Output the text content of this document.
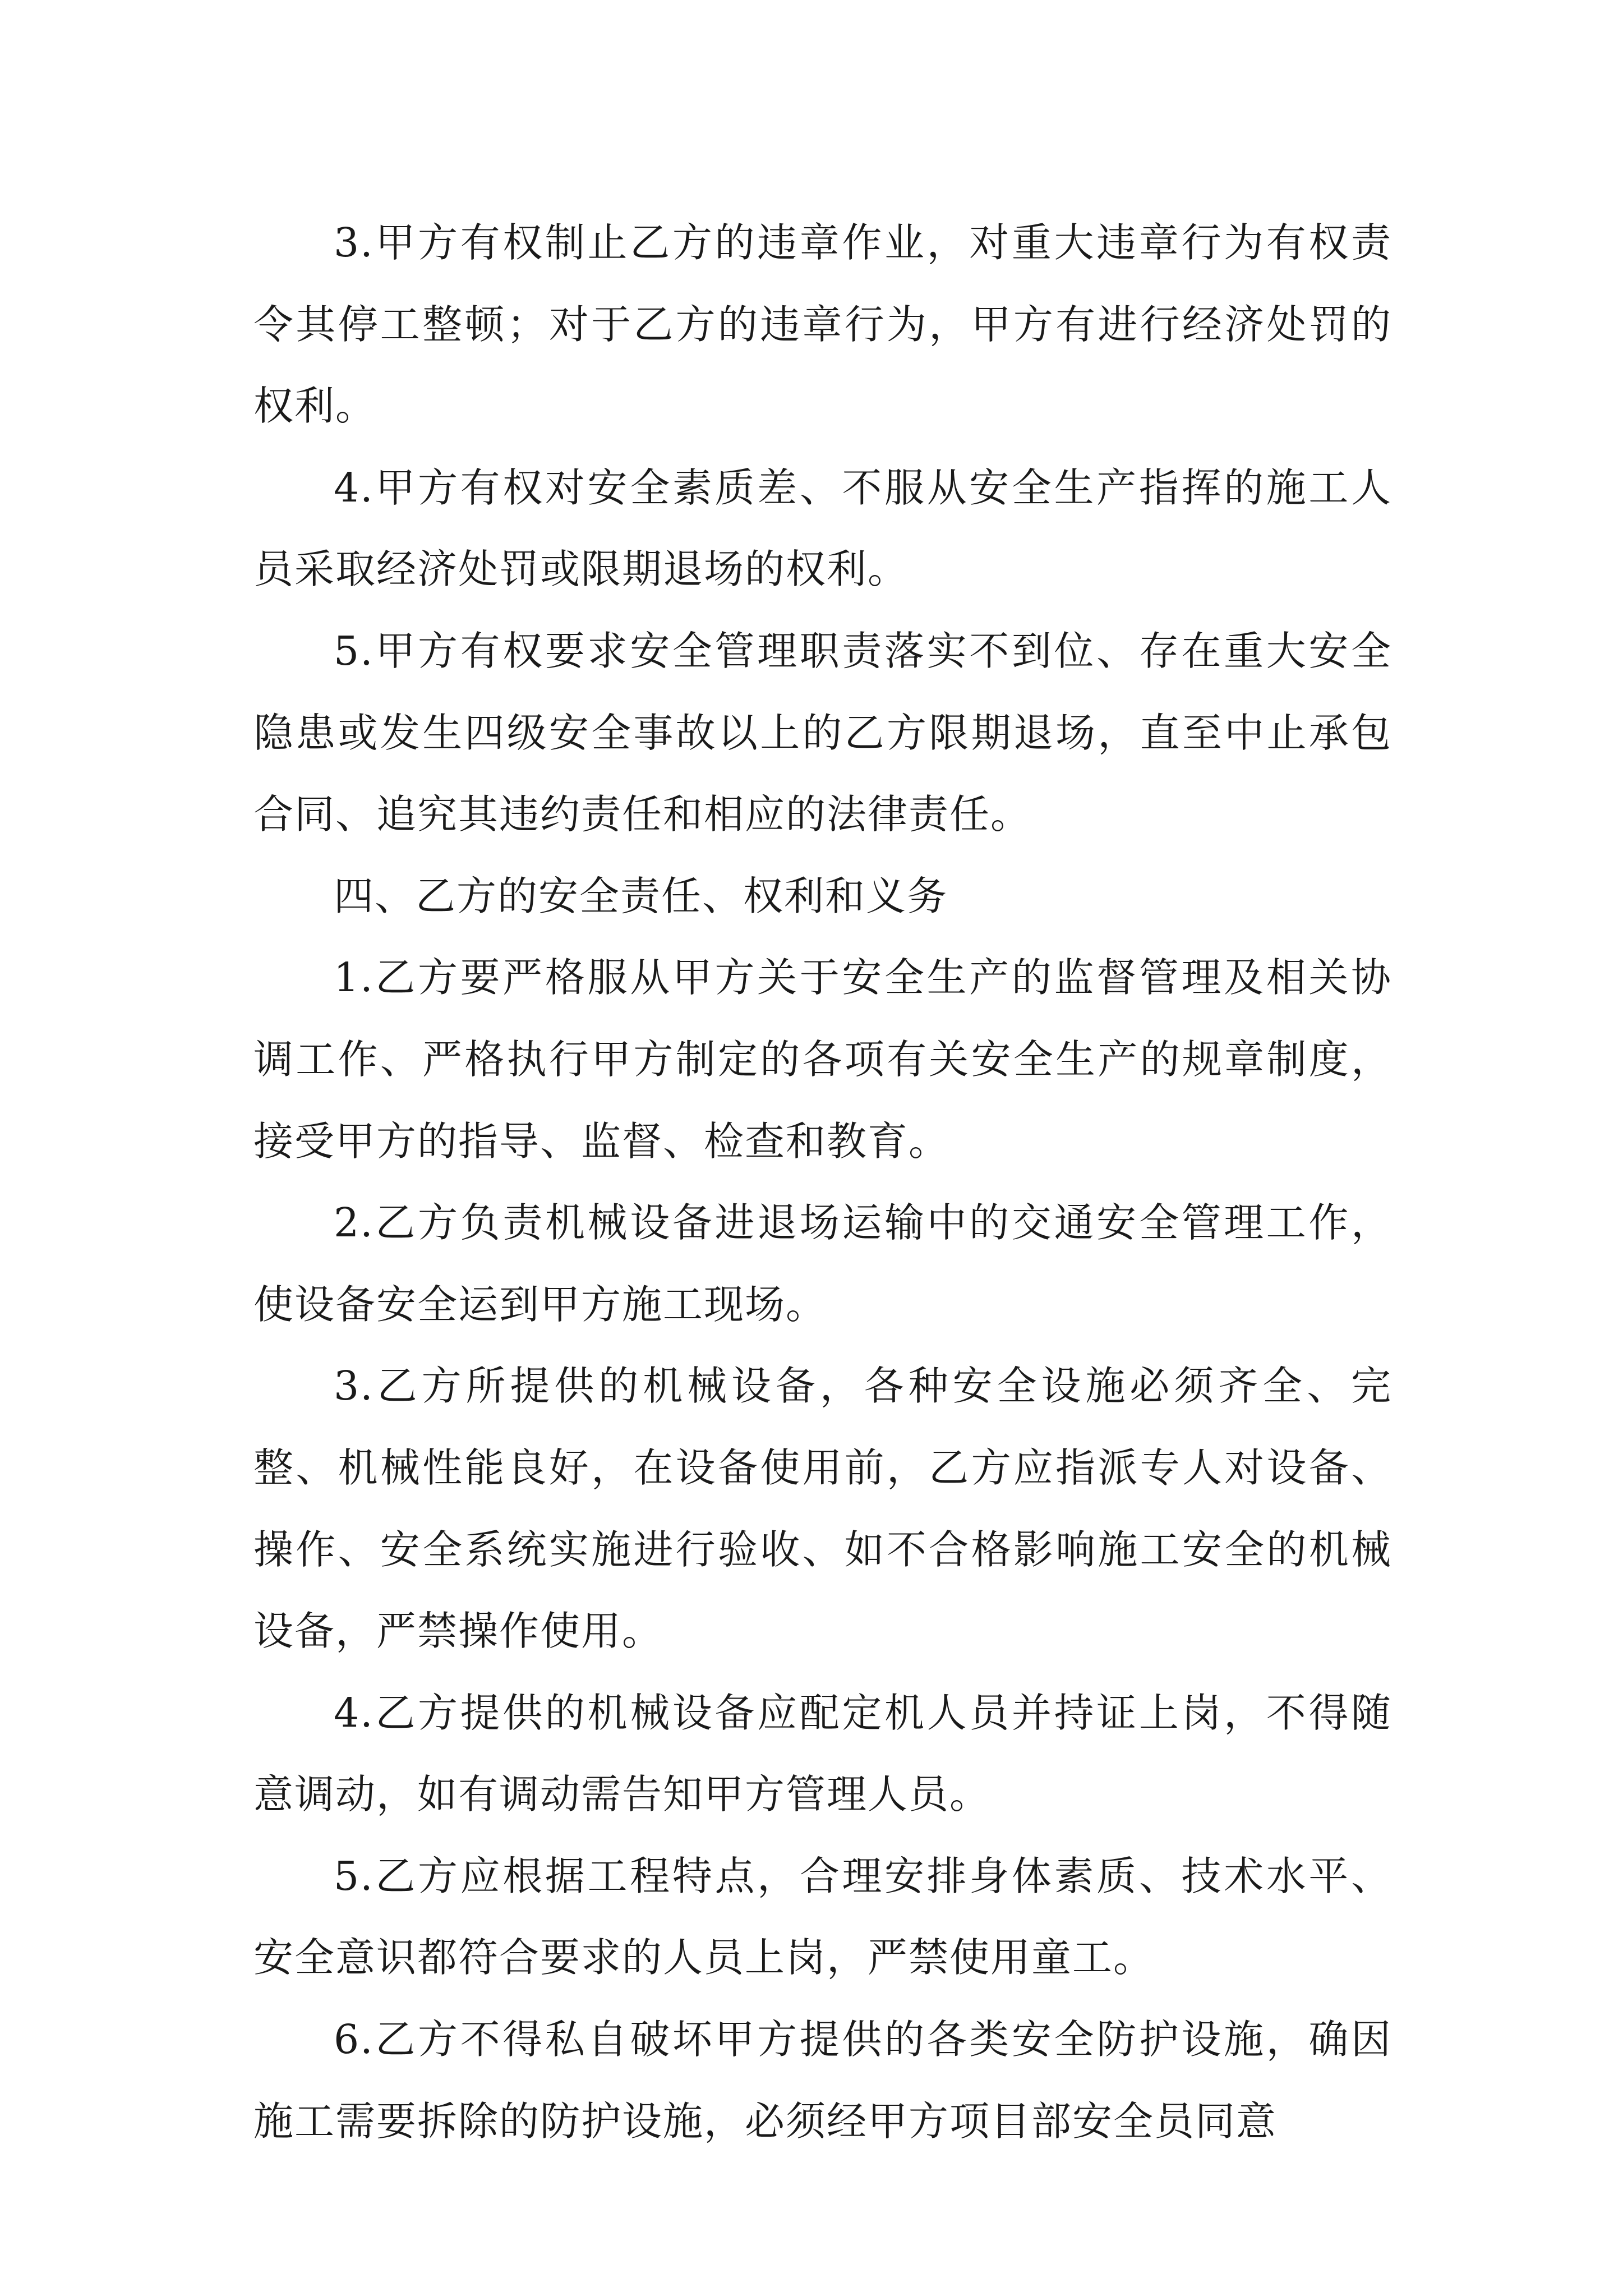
3.甲方有权制止乙方的违章作业，对重大违章行为有权责令其停工整顿；对于乙方的违章行为，甲方有进行经济处罚的权利。

4.甲方有权对安全素质差、不服从安全生产指挥的施工人员采取经济处罚或限期退场的权利。

5.甲方有权要求安全管理职责落实不到位、存在重大安全隐患或发生四级安全事故以上的乙方限期退场，直至中止承包合同、追究其违约责任和相应的法律责任。

四、乙方的安全责任、权利和义务

1.乙方要严格服从甲方关于安全生产的监督管理及相关协调工作、严格执行甲方制定的各项有关安全生产的规章制度，接受甲方的指导、监督、检查和教育。

2.乙方负责机械设备进退场运输中的交通安全管理工作，使设备安全运到甲方施工现场。

3.乙方所提供的机械设备，各种安全设施必须齐全、完整、机械性能良好，在设备使用前，乙方应指派专人对设备、操作、安全系统实施进行验收、如不合格影响施工安全的机械设备，严禁操作使用。

4.乙方提供的机械设备应配定机人员并持证上岗，不得随意调动，如有调动需告知甲方管理人员。

5.乙方应根据工程特点，合理安排身体素质、技术水平、安全意识都符合要求的人员上岗，严禁使用童工。

6.乙方不得私自破坏甲方提供的各类安全防护设施，确因施工需要拆除的防护设施，必须经甲方项目部安全员同意
